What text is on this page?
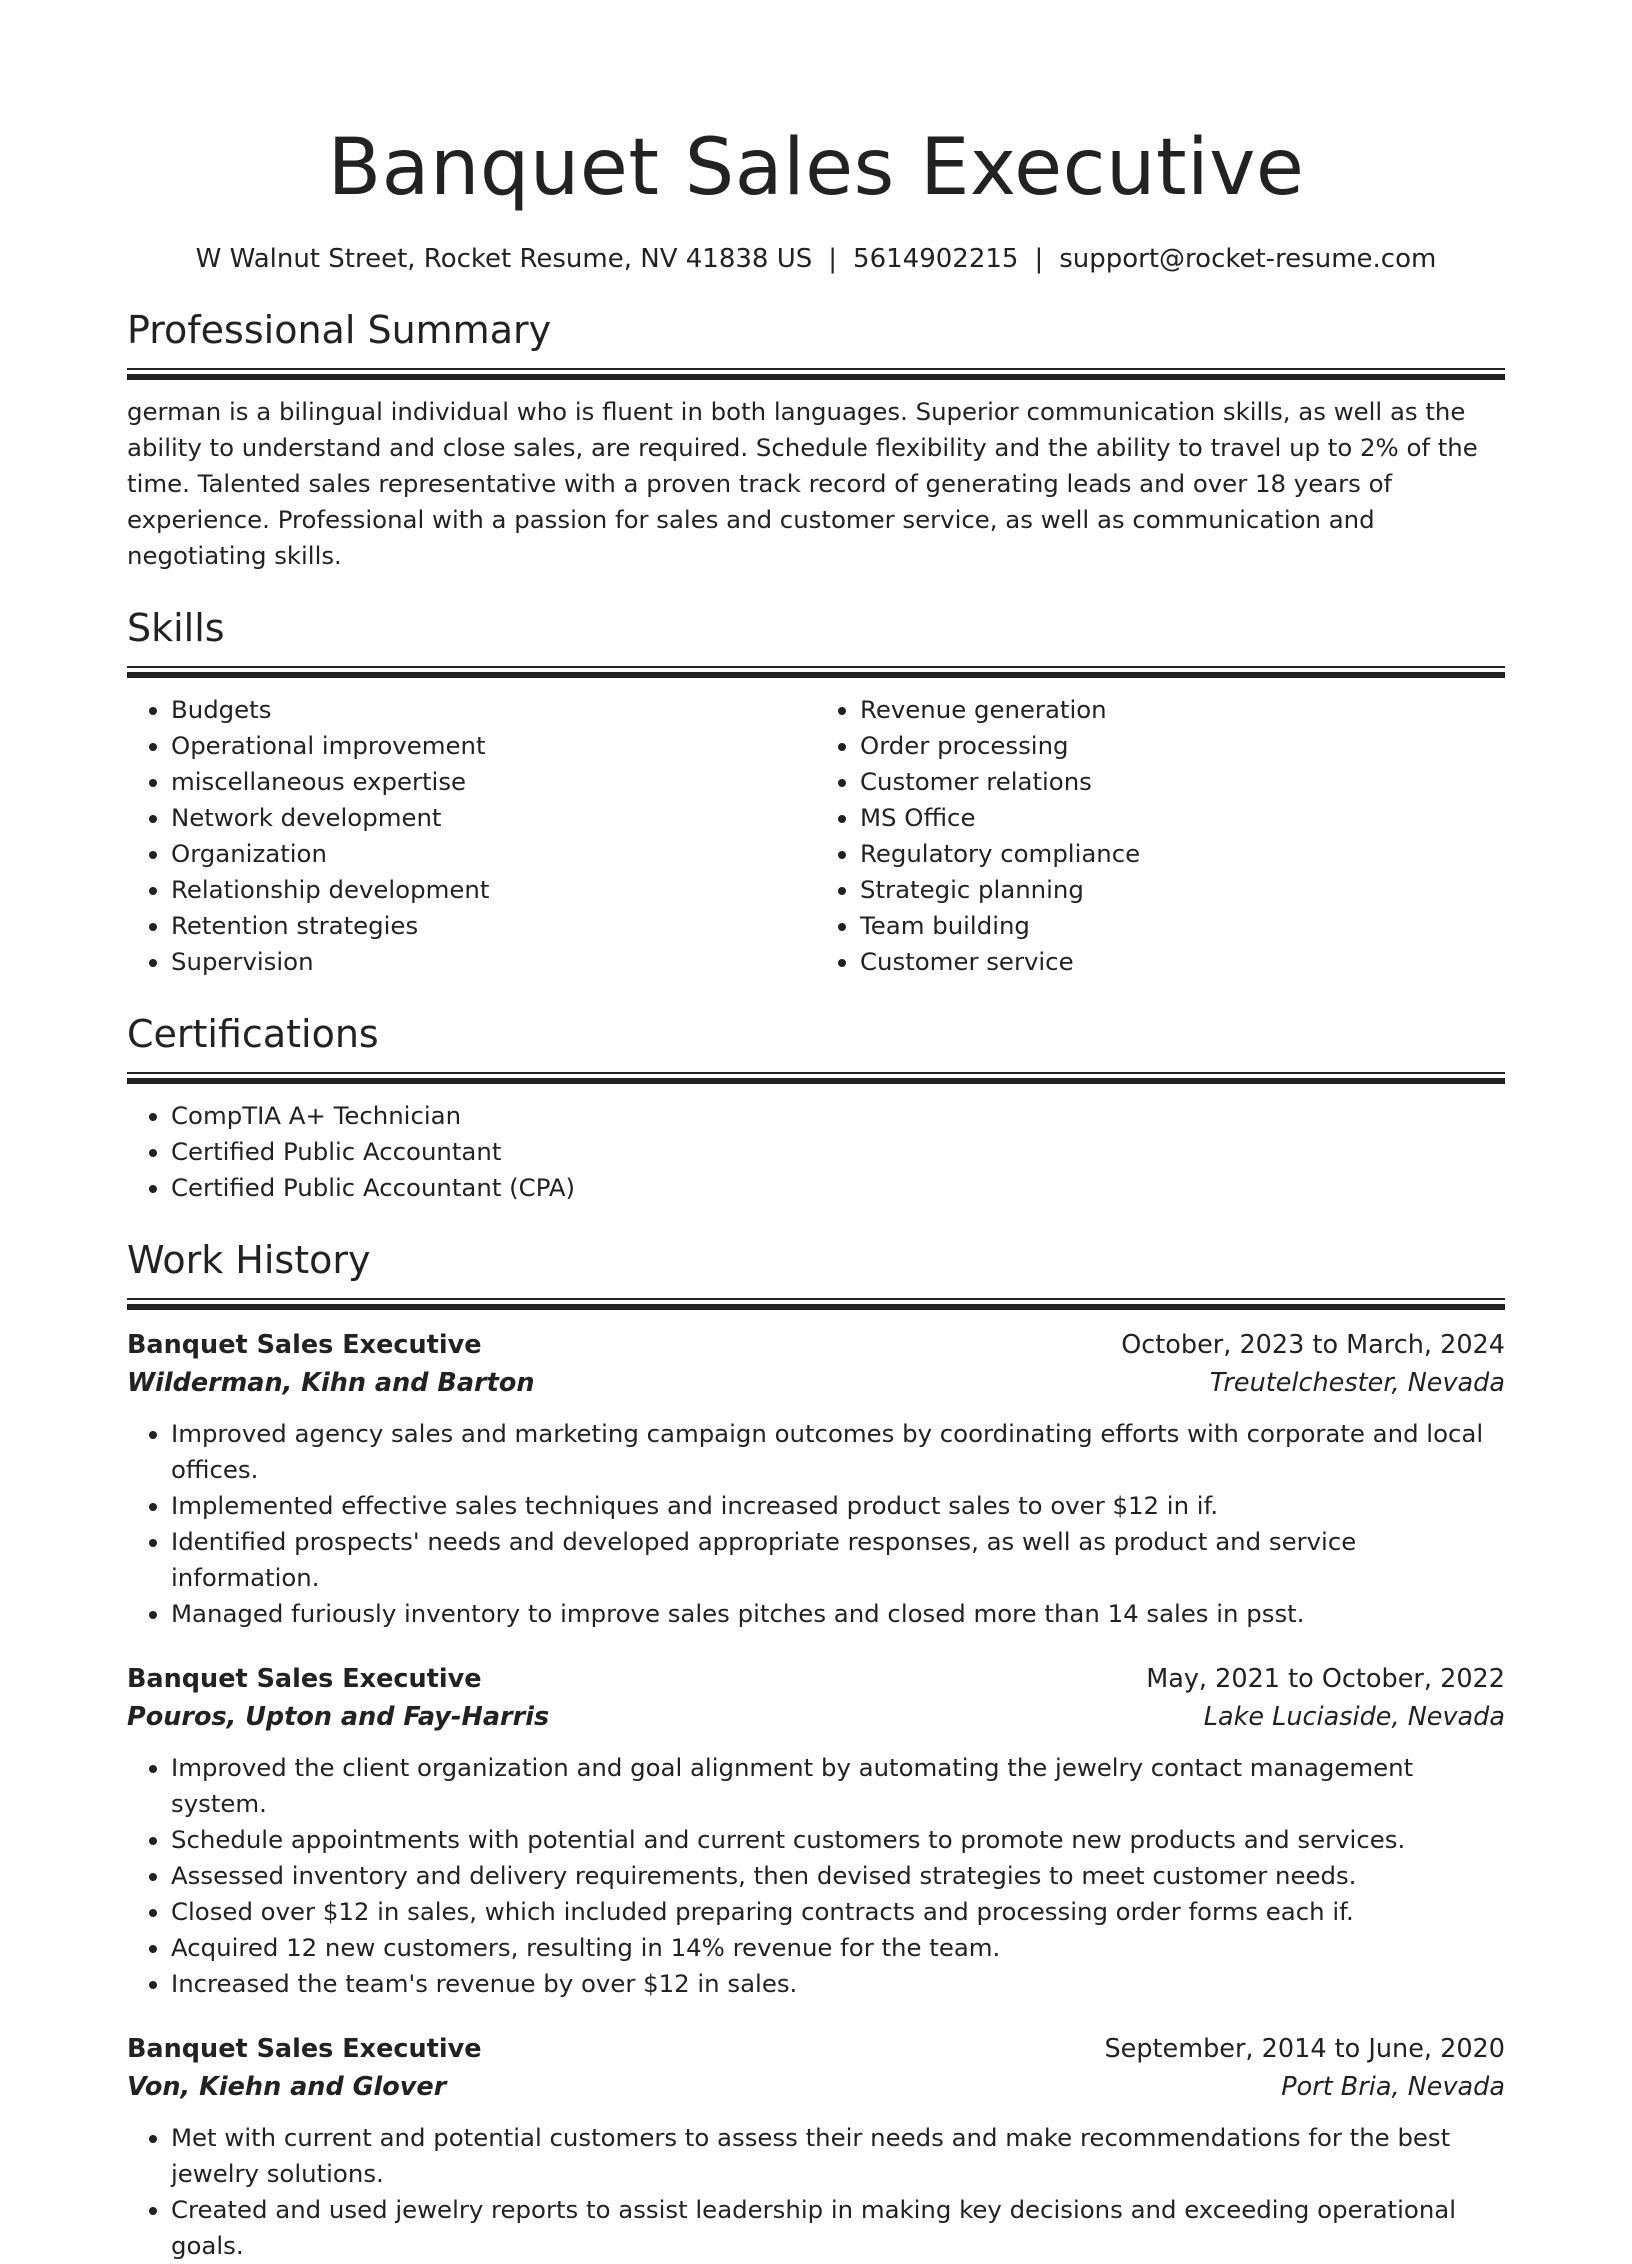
Banquet Sales Executive
W Walnut Street, Rocket Resume, NV 41838 US | 5614902215 | support@rocket-resume.com
Professional Summary
german is a bilingual individual who is fluent in both languages. Superior communication skills, as well as the ability to understand and close sales, are required. Schedule flexibility and the ability to travel up to 2% of the time. Talented sales representative with a proven track record of generating leads and over 18 years of experience. Professional with a passion for sales and customer service, as well as communication and negotiating skills.
Skills
• Budgets
• Operational improvement
• miscellaneous expertise
• Network development
• Organization
• Relationship development
• Retention strategies
• Supervision
• Revenue generation
• Order processing
• Customer relations
• MS Office
• Regulatory compliance
• Strategic planning
• Team building
• Customer service
Certifications
• CompTIA A+ Technician
• Certified Public Accountant
• Certified Public Accountant (CPA)
Work History
Banquet Sales Executive	October, 2023 to March, 2024
Wilderman, Kihn and Barton	Treutelchester, Nevada
• Improved agency sales and marketing campaign outcomes by coordinating efforts with corporate and local offices.
• Implemented effective sales techniques and increased product sales to over $12 in if.
• Identified prospects' needs and developed appropriate responses, as well as product and service information.
• Managed furiously inventory to improve sales pitches and closed more than 14 sales in psst.
Banquet Sales Executive	May, 2021 to October, 2022
Pouros, Upton and Fay-Harris	Lake Luciaside, Nevada
• Improved the client organization and goal alignment by automating the jewelry contact management system.
• Schedule appointments with potential and current customers to promote new products and services.
• Assessed inventory and delivery requirements, then devised strategies to meet customer needs.
• Closed over $12 in sales, which included preparing contracts and processing order forms each if.
• Acquired 12 new customers, resulting in 14% revenue for the team.
• Increased the team's revenue by over $12 in sales.
Banquet Sales Executive	September, 2014 to June, 2020
Von, Kiehn and Glover	Port Bria, Nevada
• Met with current and potential customers to assess their needs and make recommendations for the best jewelry solutions.
• Created and used jewelry reports to assist leadership in making key decisions and exceeding operational goals.
